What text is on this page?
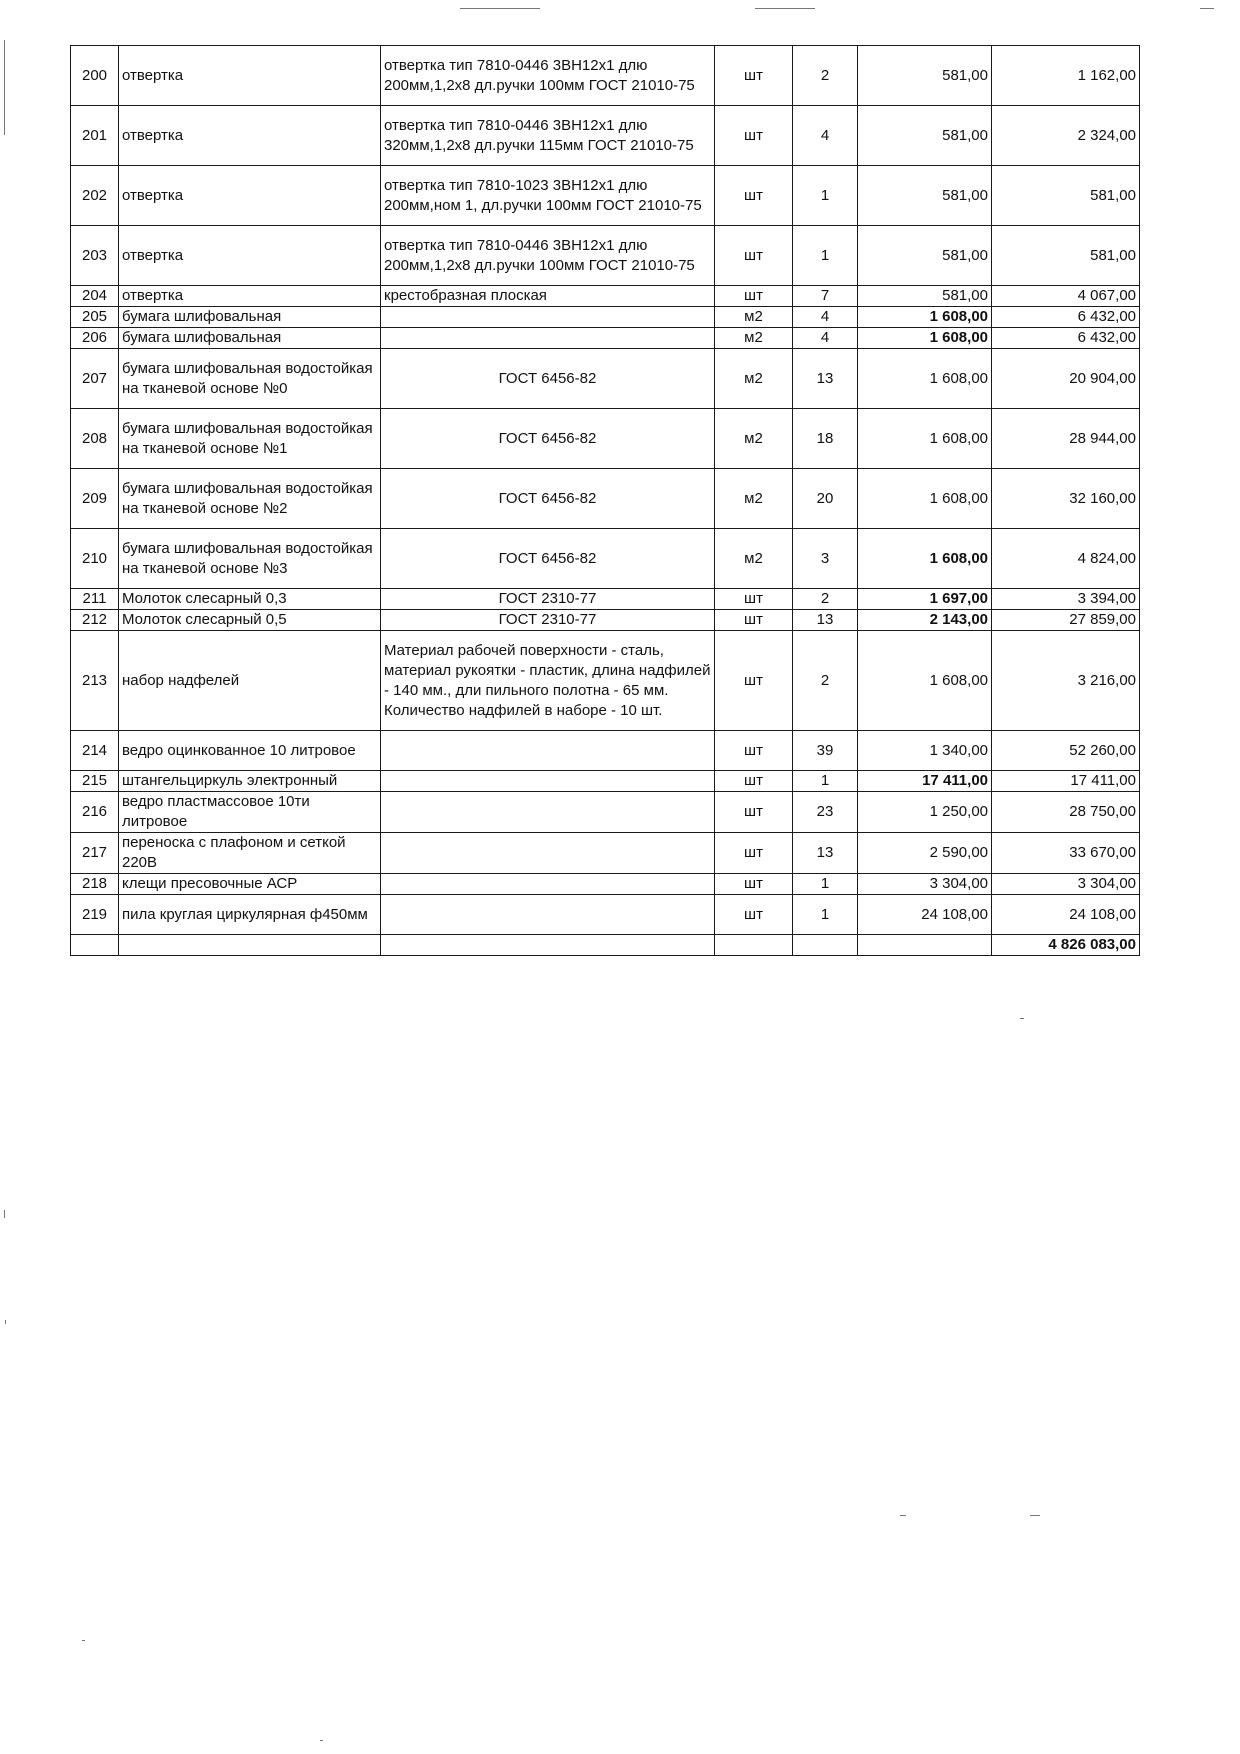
200	отвертка	отвертка тип 7810-0446 3ВН12х1 длю 200мм,1,2х8 дл.ручки 100мм ГОСТ 21010-75	шт	2	581,00	1 162,00
201	отвертка	отвертка тип 7810-0446 3ВН12х1 длю 320мм,1,2х8 дл.ручки 115мм ГОСТ 21010-75	шт	4	581,00	2 324,00
202	отвертка	отвертка тип 7810-1023 3ВН12х1 длю 200мм,ном 1, дл.ручки 100мм ГОСТ 21010-75	шт	1	581,00	581,00
203	отвертка	отвертка тип 7810-0446 3ВН12х1 длю 200мм,1,2х8 дл.ручки 100мм ГОСТ 21010-75	шт	1	581,00	581,00
204	отвертка	крестобразная плоская	шт	7	581,00	4 067,00
205	бумага шлифовальная		м2	4	1 608,00	6 432,00
206	бумага шлифовальная		м2	4	1 608,00	6 432,00
207	бумага шлифовальная водостойкая на тканевой основе №0	ГОСТ 6456-82	м2	13	1 608,00	20 904,00
208	бумага шлифовальная водостойкая на тканевой основе №1	ГОСТ 6456-82	м2	18	1 608,00	28 944,00
209	бумага шлифовальная водостойкая на тканевой основе №2	ГОСТ 6456-82	м2	20	1 608,00	32 160,00
210	бумага шлифовальная водостойкая на тканевой основе №3	ГОСТ 6456-82	м2	3	1 608,00	4 824,00
211	Молоток слесарный 0,3	ГОСТ 2310-77	шт	2	1 697,00	3 394,00
212	Молоток слесарный 0,5	ГОСТ 2310-77	шт	13	2 143,00	27 859,00
213	набор надфелей	Материал рабочей поверхности - сталь, материал рукоятки - пластик, длина надфилей - 140 мм., дли пильного полотна - 65 мм. Количество надфилей в наборе - 10 шт.	шт	2	1 608,00	3 216,00
214	ведро оцинкованное 10 литровое		шт	39	1 340,00	52 260,00
215	штангельциркуль электронный		шт	1	17 411,00	17 411,00
216	ведро пластмассовое 10ти литровое		шт	23	1 250,00	28 750,00
217	переноска с плафоном и сеткой 220В		шт	13	2 590,00	33 670,00
218	клещи пресовочные АСР		шт	1	3 304,00	3 304,00
219	пила круглая циркулярная ф450мм		шт	1	24 108,00	24 108,00
						4 826 083,00
